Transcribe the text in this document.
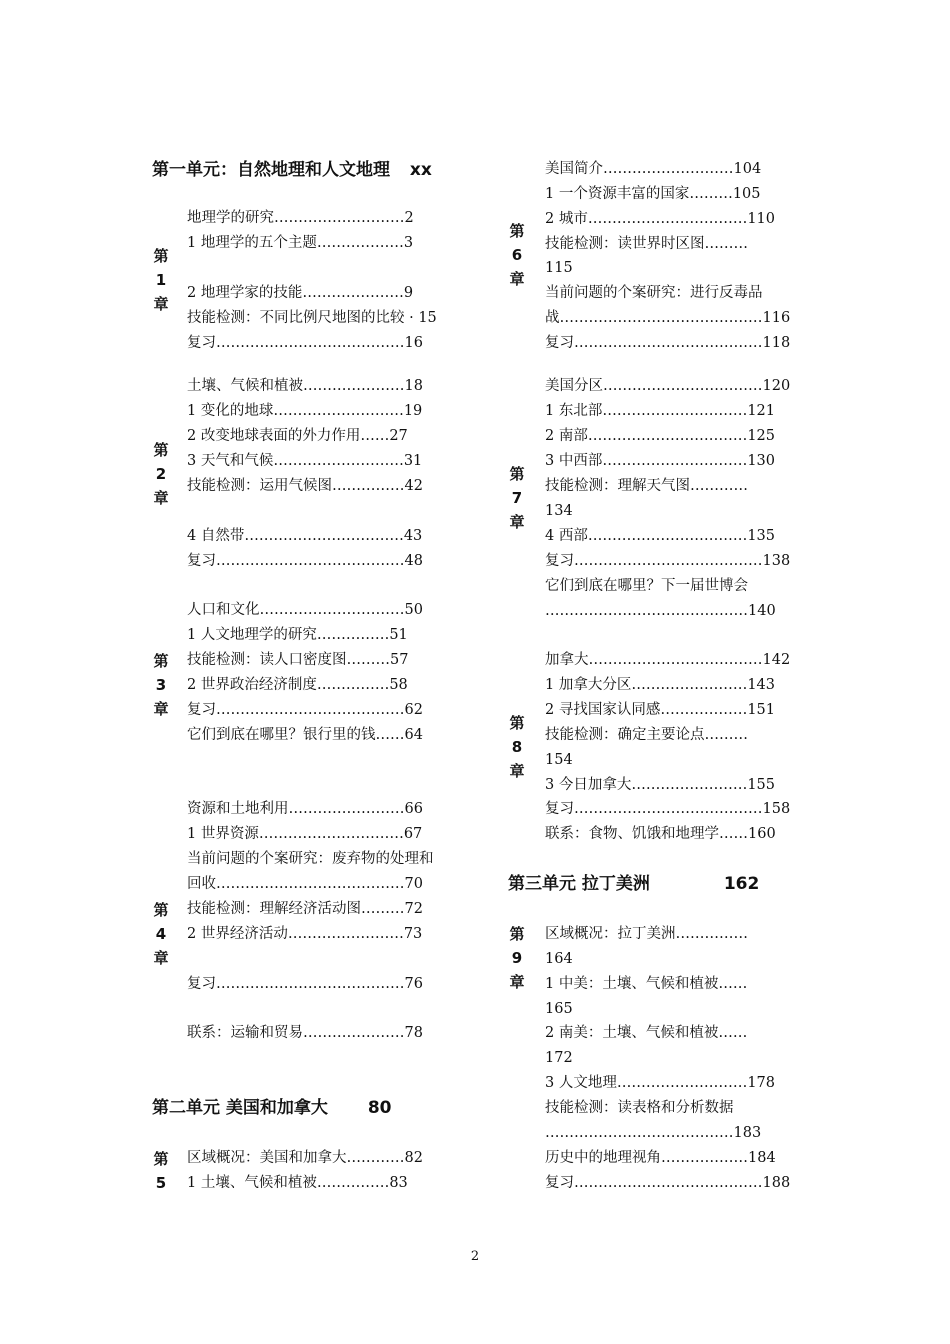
第一单元：自然地理和人文地理 xx
第二单元 美国和加拿大 80
第三单元 拉丁美洲	162
第
1
章
第
2
章
第
3
章
第
4
章
第
5
第
6
章
第
7
章
第
8
章
第
9
章
地理学的研究………………………2
1 地理学的五个主题………………3
2 地理学家的技能…………………9
技能检测：不同比例尺地图的比较 · 15
复习…………………………………16
土壤、气候和植被…………………18
1 变化的地球………………………19
2 改变地球表面的外力作用……27
3 天气和气候………………………31
技能检测：运用气候图……………42
4 自然带……………………………43
复习…………………………………48
人口和文化…………………………50
1 人文地理学的研究……………51
技能检测：读人口密度图………57
2 世界政治经济制度……………58
复习…………………………………62
它们到底在哪里？银行里的钱……64
资源和土地利用……………………66
1 世界资源…………………………67
当前问题的个案研究：废弃物的处理和
回收…………………………………70
技能检测：理解经济活动图………72
2 世界经济活动……………………73
复习…………………………………76
联系：运输和贸易…………………78
区域概况：美国和加拿大…………82
1 土壤、气候和植被……………83
美国简介………………………104
1 一个资源丰富的国家………105
2 城市……………………………110
技能检测：读世界时区图………
115
当前问题的个案研究：进行反毒品
战……………………………………116
复习…………………………………118
美国分区……………………………120
1 东北部…………………………121
2 南部……………………………125
3 中西部…………………………130
技能检测：理解天气图…………
134
4 西部……………………………135
复习…………………………………138
它们到底在哪里？下一届世博会
……………………………………140
加拿大………………………………142
1 加拿大分区……………………143
2 寻找国家认同感………………151
技能检测：确定主要论点………
154
3 今日加拿大……………………155
复习…………………………………158
联系：食物、饥饿和地理学……160
区域概况：拉丁美洲……………
164
1 中美：土壤、气候和植被……
165
2 南美：土壤、气候和植被……
172
3 人文地理………………………178
技能检测：读表格和分析数据
…………………………………183
历史中的地理视角………………184
复习…………………………………188
2
